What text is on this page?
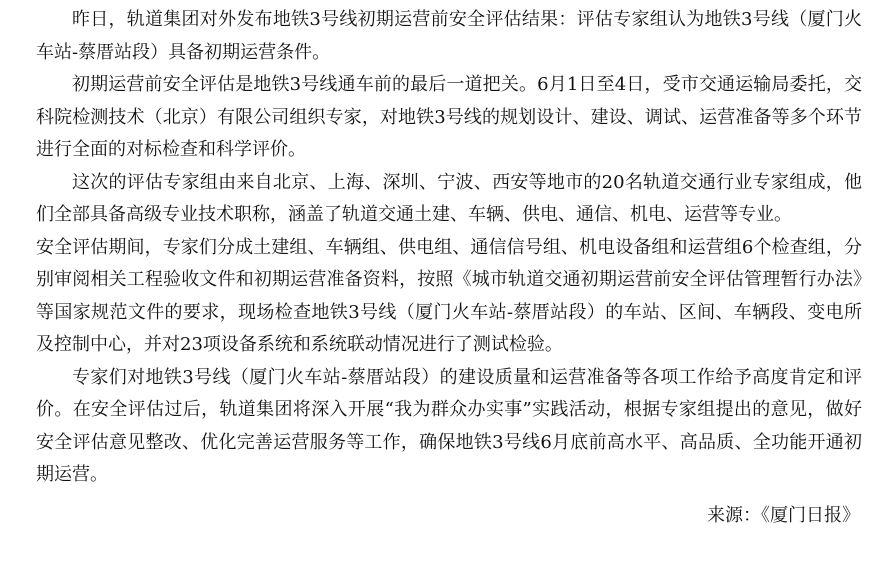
昨日，轨道集团对外发布地铁3号线初期运营前安全评估结果：评估专家组认为地铁3号线（厦门火车站-蔡厝站段）具备初期运营条件。

初期运营前安全评估是地铁3号线通车前的最后一道把关。6月1日至4日，受市交通运输局委托，交科院检测技术（北京）有限公司组织专家，对地铁3号线的规划设计、建设、调试、运营准备等多个环节进行全面的对标检查和科学评价。

这次的评估专家组由来自北京、上海、深圳、宁波、西安等地市的20名轨道交通行业专家组成，他们全部具备高级专业技术职称，涵盖了轨道交通土建、车辆、供电、通信、机电、运营等专业。

安全评估期间，专家们分成土建组、车辆组、供电组、通信信号组、机电设备组和运营组6个检查组，分别审阅相关工程验收文件和初期运营准备资料，按照《城市轨道交通初期运营前安全评估管理暂行办法》等国家规范文件的要求，现场检查地铁3号线（厦门火车站-蔡厝站段）的车站、区间、车辆段、变电所及控制中心，并对23项设备系统和系统联动情况进行了测试检验。

专家们对地铁3号线（厦门火车站-蔡厝站段）的建设质量和运营准备等各项工作给予高度肯定和评价。在安全评估过后，轨道集团将深入开展“我为群众办实事”实践活动，根据专家组提出的意见，做好安全评估意见整改、优化完善运营服务等工作，确保地铁3号线6月底前高水平、高品质、全功能开通初期运营。

来源：《厦门日报》
